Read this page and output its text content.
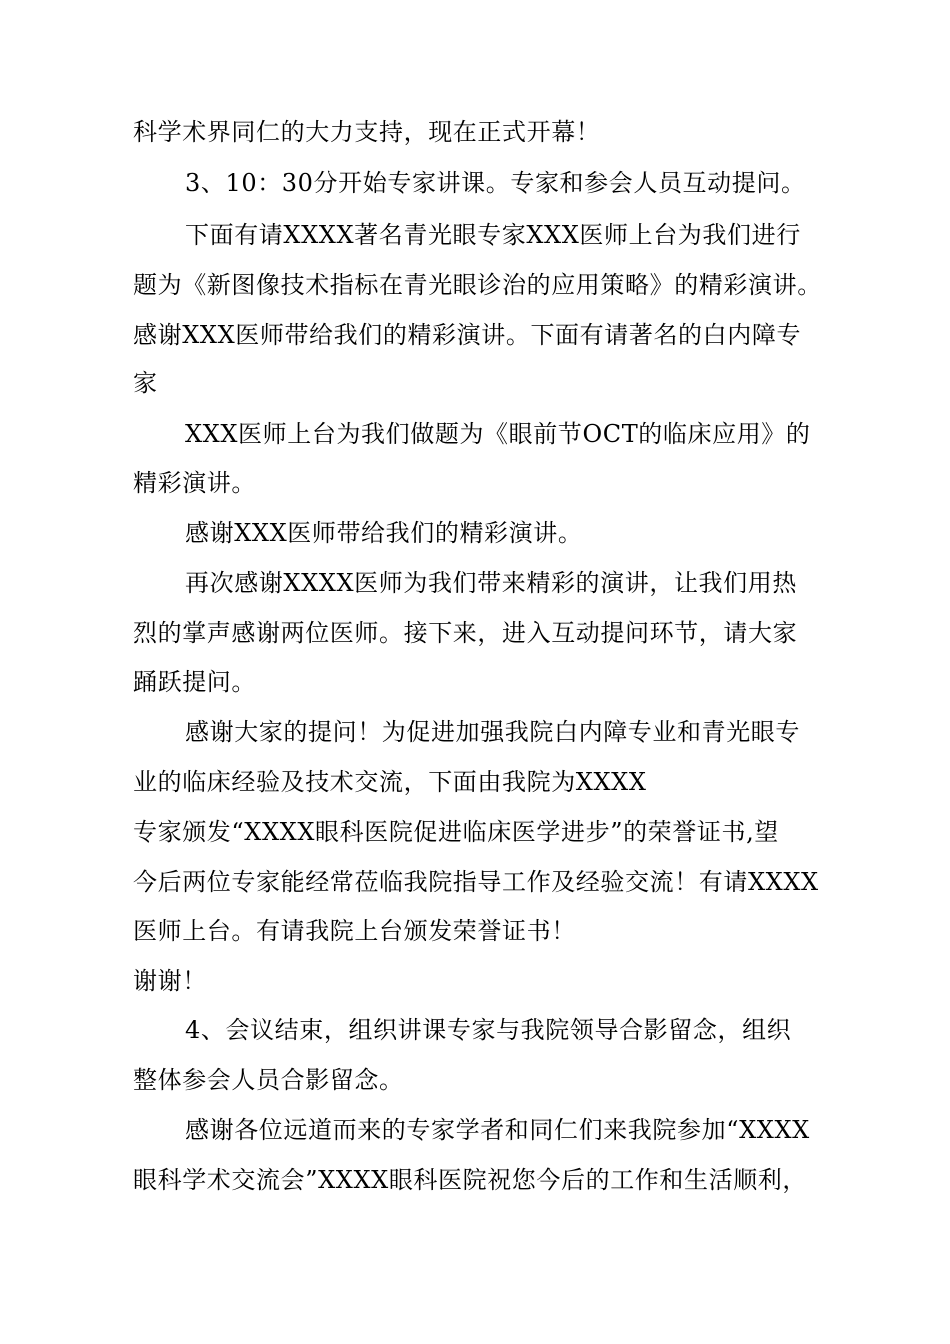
科学术界同仁的大力支持，现在正式开幕！
3、10：30分开始专家讲课。专家和参会人员互动提问。
下面有请XXXX著名青光眼专家XXX医师上台为我们进行
题为《新图像技术指标在青光眼诊治的应用策略》的精彩演讲。
感谢XXX医师带给我们的精彩演讲。下面有请著名的白内障专
家
XXX医师上台为我们做题为《眼前节OCT的临床应用》的
精彩演讲。
感谢XXX医师带给我们的精彩演讲。
再次感谢XXXX医师为我们带来精彩的演讲，让我们用热
烈的掌声感谢两位医师。接下来，进入互动提问环节，请大家
踊跃提问。
感谢大家的提问！为促进加强我院白内障专业和青光眼专
业的临床经验及技术交流，下面由我院为XXXX
专家颁发“XXXX眼科医院促进临床医学进步”的荣誉证书,望
今后两位专家能经常莅临我院指导工作及经验交流！有请XXXX
医师上台。有请我院上台颁发荣誉证书！
谢谢！
4、会议结束，组织讲课专家与我院领导合影留念，组织
整体参会人员合影留念。
感谢各位远道而来的专家学者和同仁们来我院参加“XXXX
眼科学术交流会”XXXX眼科医院祝您今后的工作和生活顺利，
